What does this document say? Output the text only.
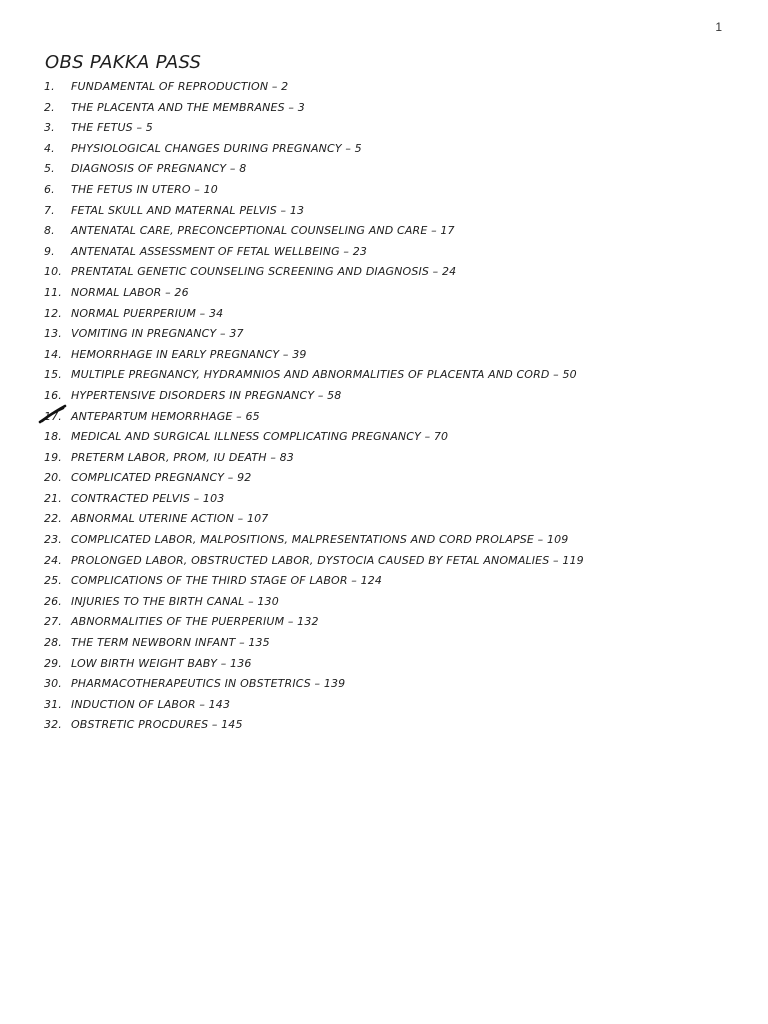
1
OBS PAKKA PASS
1.	FUNDAMENTAL OF REPRODUCTION – 2
2.	THE PLACENTA AND THE MEMBRANES – 3
3.	THE FETUS – 5
4.	PHYSIOLOGICAL CHANGES DURING PREGNANCY – 5
5.	DIAGNOSIS OF PREGNANCY – 8
6.	THE FETUS IN UTERO – 10
7.	FETAL SKULL AND MATERNAL PELVIS – 13
8.	ANTENATAL CARE, PRECONCEPTIONAL COUNSELING AND CARE – 17
9.	ANTENATAL ASSESSMENT OF FETAL WELLBEING – 23
10. PRENTATAL GENETIC COUNSELING SCREENING AND DIAGNOSIS – 24
11. NORMAL LABOR – 26
12. NORMAL PUERPERIUM – 34
13. VOMITING IN PREGNANCY – 37
14. HEMORRHAGE IN EARLY PREGNANCY – 39
15. MULTIPLE PREGNANCY, HYDRAMNIOS AND ABNORMALITIES OF PLACENTA AND CORD – 50
16. HYPERTENSIVE DISORDERS IN PREGNANCY – 58
17. ANTEPARTUM HEMORRHAGE – 65
18. MEDICAL AND SURGICAL ILLNESS COMPLICATING PREGNANCY – 70
19. PRETERM LABOR, PROM, IU DEATH – 83
20. COMPLICATED PREGNANCY – 92
21. CONTRACTED PELVIS – 103
22. ABNORMAL UTERINE ACTION – 107
23. COMPLICATED LABOR, MALPOSITIONS, MALPRESENTATIONS AND CORD PROLAPSE – 109
24. PROLONGED LABOR, OBSTRUCTED LABOR, DYSTOCIA CAUSED BY FETAL ANOMALIES – 119
25. COMPLICATIONS OF THE THIRD STAGE OF LABOR – 124
26. INJURIES TO THE BIRTH CANAL – 130
27. ABNORMALITIES OF THE PUERPERIUM – 132
28. THE TERM NEWBORN INFANT – 135
29. LOW BIRTH WEIGHT BABY – 136
30. PHARMACOTHERAPEUTICS IN OBSTETRICS – 139
31. INDUCTION OF LABOR – 143
32. OBSTRETIC PROCDURES – 145
